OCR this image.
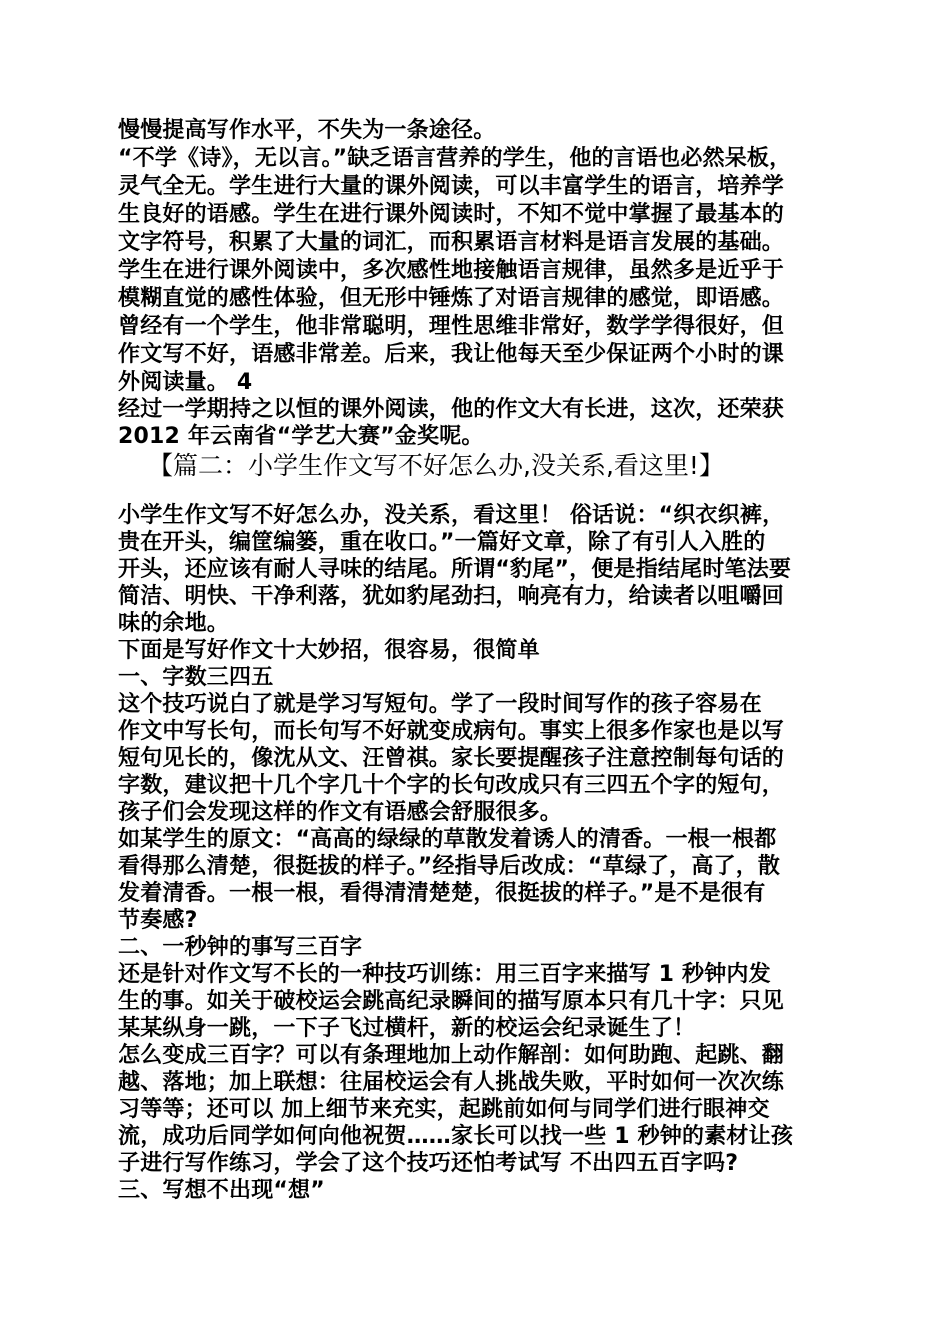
慢慢提高写作水平，不失为一条途径。
“不学《诗》，无以言。”缺乏语言营养的学生，他的言语也必然呆板，
灵气全无。学生进行大量的课外阅读，可以丰富学生的语言，培养学
生良好的语感。学生在进行课外阅读时，不知不觉中掌握了最基本的
文字符号，积累了大量的词汇，而积累语言材料是语言发展的基础。
学生在进行课外阅读中，多次感性地接触语言规律，虽然多是近乎于
模糊直觉的感性体验，但无形中锤炼了对语言规律的感觉，即语感。
曾经有一个学生，他非常聪明，理性思维非常好，数学学得很好，但
作文写不好，语感非常差。后来，我让他每天至少保证两个小时的课
外阅读量。 4
经过一学期持之以恒的课外阅读，他的作文大有长进，这次，还荣获
2012 年云南省“学艺大赛”金奖呢。
【篇二：小学生作文写不好怎么办,没关系,看这里!】
小学生作文写不好怎么办，没关系，看这里！ 俗话说：“织衣织裤，
贵在开头，编筐编篓，重在收口。”一篇好文章，除了有引人入胜的
开头，还应该有耐人寻味的结尾。所谓“豹尾”，便是指结尾时笔法要
简洁、明快、干净利落，犹如豹尾劲扫，响亮有力，给读者以咀嚼回
味的余地。
下面是写好作文十大妙招，很容易，很简单
一、字数三四五
这个技巧说白了就是学习写短句。学了一段时间写作的孩子容易在
作文中写长句，而长句写不好就变成病句。事实上很多作家也是以写
短句见长的，像沈从文、汪曾祺。家长要提醒孩子注意控制每句话的
字数，建议把十几个字几十个字的长句改成只有三四五个字的短句，
孩子们会发现这样的作文有语感会舒服很多。
如某学生的原文：“高高的绿绿的草散发着诱人的清香。一根一根都
看得那么清楚，很挺拔的样子。”经指导后改成：“草绿了，高了，散
发着清香。一根一根，看得清清楚楚，很挺拔的样子。”是不是很有
节奏感?
二、一秒钟的事写三百字
还是针对作文写不长的一种技巧训练：用三百字来描写 1 秒钟内发
生的事。如关于破校运会跳高纪录瞬间的描写原本只有几十字：只见
某某纵身一跳，一下子飞过横杆，新的校运会纪录诞生了！
怎么变成三百字？可以有条理地加上动作解剖：如何助跑、起跳、翻
越、落地；加上联想：往届校运会有人挑战失败，平时如何一次次练
习等等；还可以 加上细节来充实，起跳前如何与同学们进行眼神交
流，成功后同学如何向他祝贺……家长可以找一些 1 秒钟的素材让孩
子进行写作练习，学会了这个技巧还怕考试写 不出四五百字吗?
三、写想不出现“想”
